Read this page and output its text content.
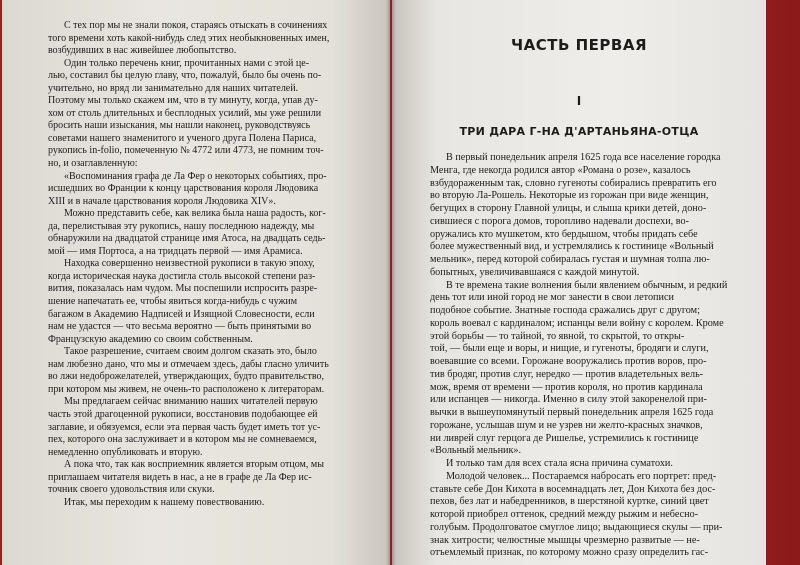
С тех пор мы не знали покоя, стараясь отыскать в сочинениях
того времени хоть какой-нибудь след этих необыкновенных имен,
возбудивших в нас живейшее любопытство.
Один только перечень книг, прочитанных нами с этой це-
лью, составил бы целую главу, что, пожалуй, было бы очень по-
учительно, но вряд ли занимательно для наших читателей.
Поэтому мы только скажем им, что в ту минуту, когда, упав ду-
хом от столь длительных и бесплодных усилий, мы уже решили
бросить наши изыскания, мы нашли наконец, руководствуясь
советами нашего знаменитого и ученого друга Полена Париса,
рукопись in-folio, помеченную № 4772 или 4773, не помним точ-
но, и озаглавленную:
«Воспоминания графа де Ла Фер о некоторых событиях, про-
исшедших во Франции к концу царствования короля Людовика
XIII и в начале царствования короля Людовика XIV».
Можно представить себе, как велика была наша радость, ког-
да, перелистывая эту рукопись, нашу последнюю надежду, мы
обнаружили на двадцатой странице имя Атоса, на двадцать седь-
мой — имя Портоса, а на тридцать первой — имя Арамиса.
Находка совершенно неизвестной рукописи в такую эпоху,
когда историческая наука достигла столь высокой степени раз-
вития, показалась нам чудом. Мы поспешили испросить разре-
шение напечатать ее, чтобы явиться когда-нибудь с чужим
багажом в Академию Надписей и Изящной Словесности, если
нам не удастся — что весьма вероятно — быть принятыми во
Французскую академию со своим собственным.
Такое разрешение, считаем своим долгом сказать это, было
нам любезно дано, что мы и отмечаем здесь, дабы гласно уличить
во лжи недоброжелателей, утверждающих, будто правительство,
при котором мы живем, не очень-то расположено к литераторам.
Мы предлагаем сейчас вниманию наших читателей первую
часть этой драгоценной рукописи, восстановив подобающее ей
заглавие, и обязуемся, если эта первая часть будет иметь тот ус-
пех, которого она заслуживает и в котором мы не сомневаемся,
немедленно опубликовать и вторую.
А пока что, так как восприемник является вторым отцом, мы
приглашаем читателя видеть в нас, а не в графе де Ла Фер ис-
точник своего удовольствия или скуки.
Итак, мы переходим к нашему повествованию.
В первый понедельник апреля 1625 года все население городка
Менга, где некогда родился автор «Романа о розе», казалось
взбудораженным так, словно гугеноты собирались превратить его
во вторую Ла-Рошель. Некоторые из горожан при виде женщин,
бегущих в сторону Главной улицы, и слыша крики детей, доно-
сившиеся с порога домов, торопливо надевали доспехи, во-
оружались кто мушкетом, кто бердышом, чтобы придать себе
более мужественный вид, и устремлялись к гостинице «Вольный
мельник», перед которой собиралась густая и шумная толпа лю-
бопытных, увеличивавшаяся с каждой минутой.
В те времена такие волнения были явлением обычным, и редкий
день тот или иной город не мог занести в свои летописи
подобное событие. Знатные господа сражались друг с другом;
король воевал с кардиналом; испанцы вели войну с королем. Кроме
этой борьбы — то тайной, то явной, то скрытой, то откры-
той, — были еще и воры, и нищие, и гугеноты, бродяги и слуги,
воевавшие со всеми. Горожане вооружались против воров, про-
тив бродяг, против слуг, нередко — против владетельных вель-
мож, время от времени — против короля, но против кардинала
или испанцев — никогда. Именно в силу этой закоренелой при-
вычки в вышеупомянутый первый понедельник апреля 1625 года
горожане, услышав шум и не узрев ни желто-красных значков,
ни ливрей слуг герцога де Ришелье, устремились к гостинице
«Вольный мельник».
И только там для всех стала ясна причина суматохи.
Молодой человек... Постараемся набросать его портрет: пред-
ставьте себе Дон Кихота в восемнадцать лет, Дон Кихота без дос-
пехов, без лат и набедренников, в шерстяной куртке, синий цвет
которой приобрел оттенок, средний между рыжим и небесно-
голубым. Продолговатое смуглое лицо; выдающиеся скулы — при-
знак хитрости; челюстные мышцы чрезмерно развитые — не-
отъемлемый признак, по которому можно сразу определить гас-
ЧАСТЬ ПЕРВАЯ
I
ТРИ ДАРА Г-НА Д'АРТАНЬЯНА-ОТЦА
